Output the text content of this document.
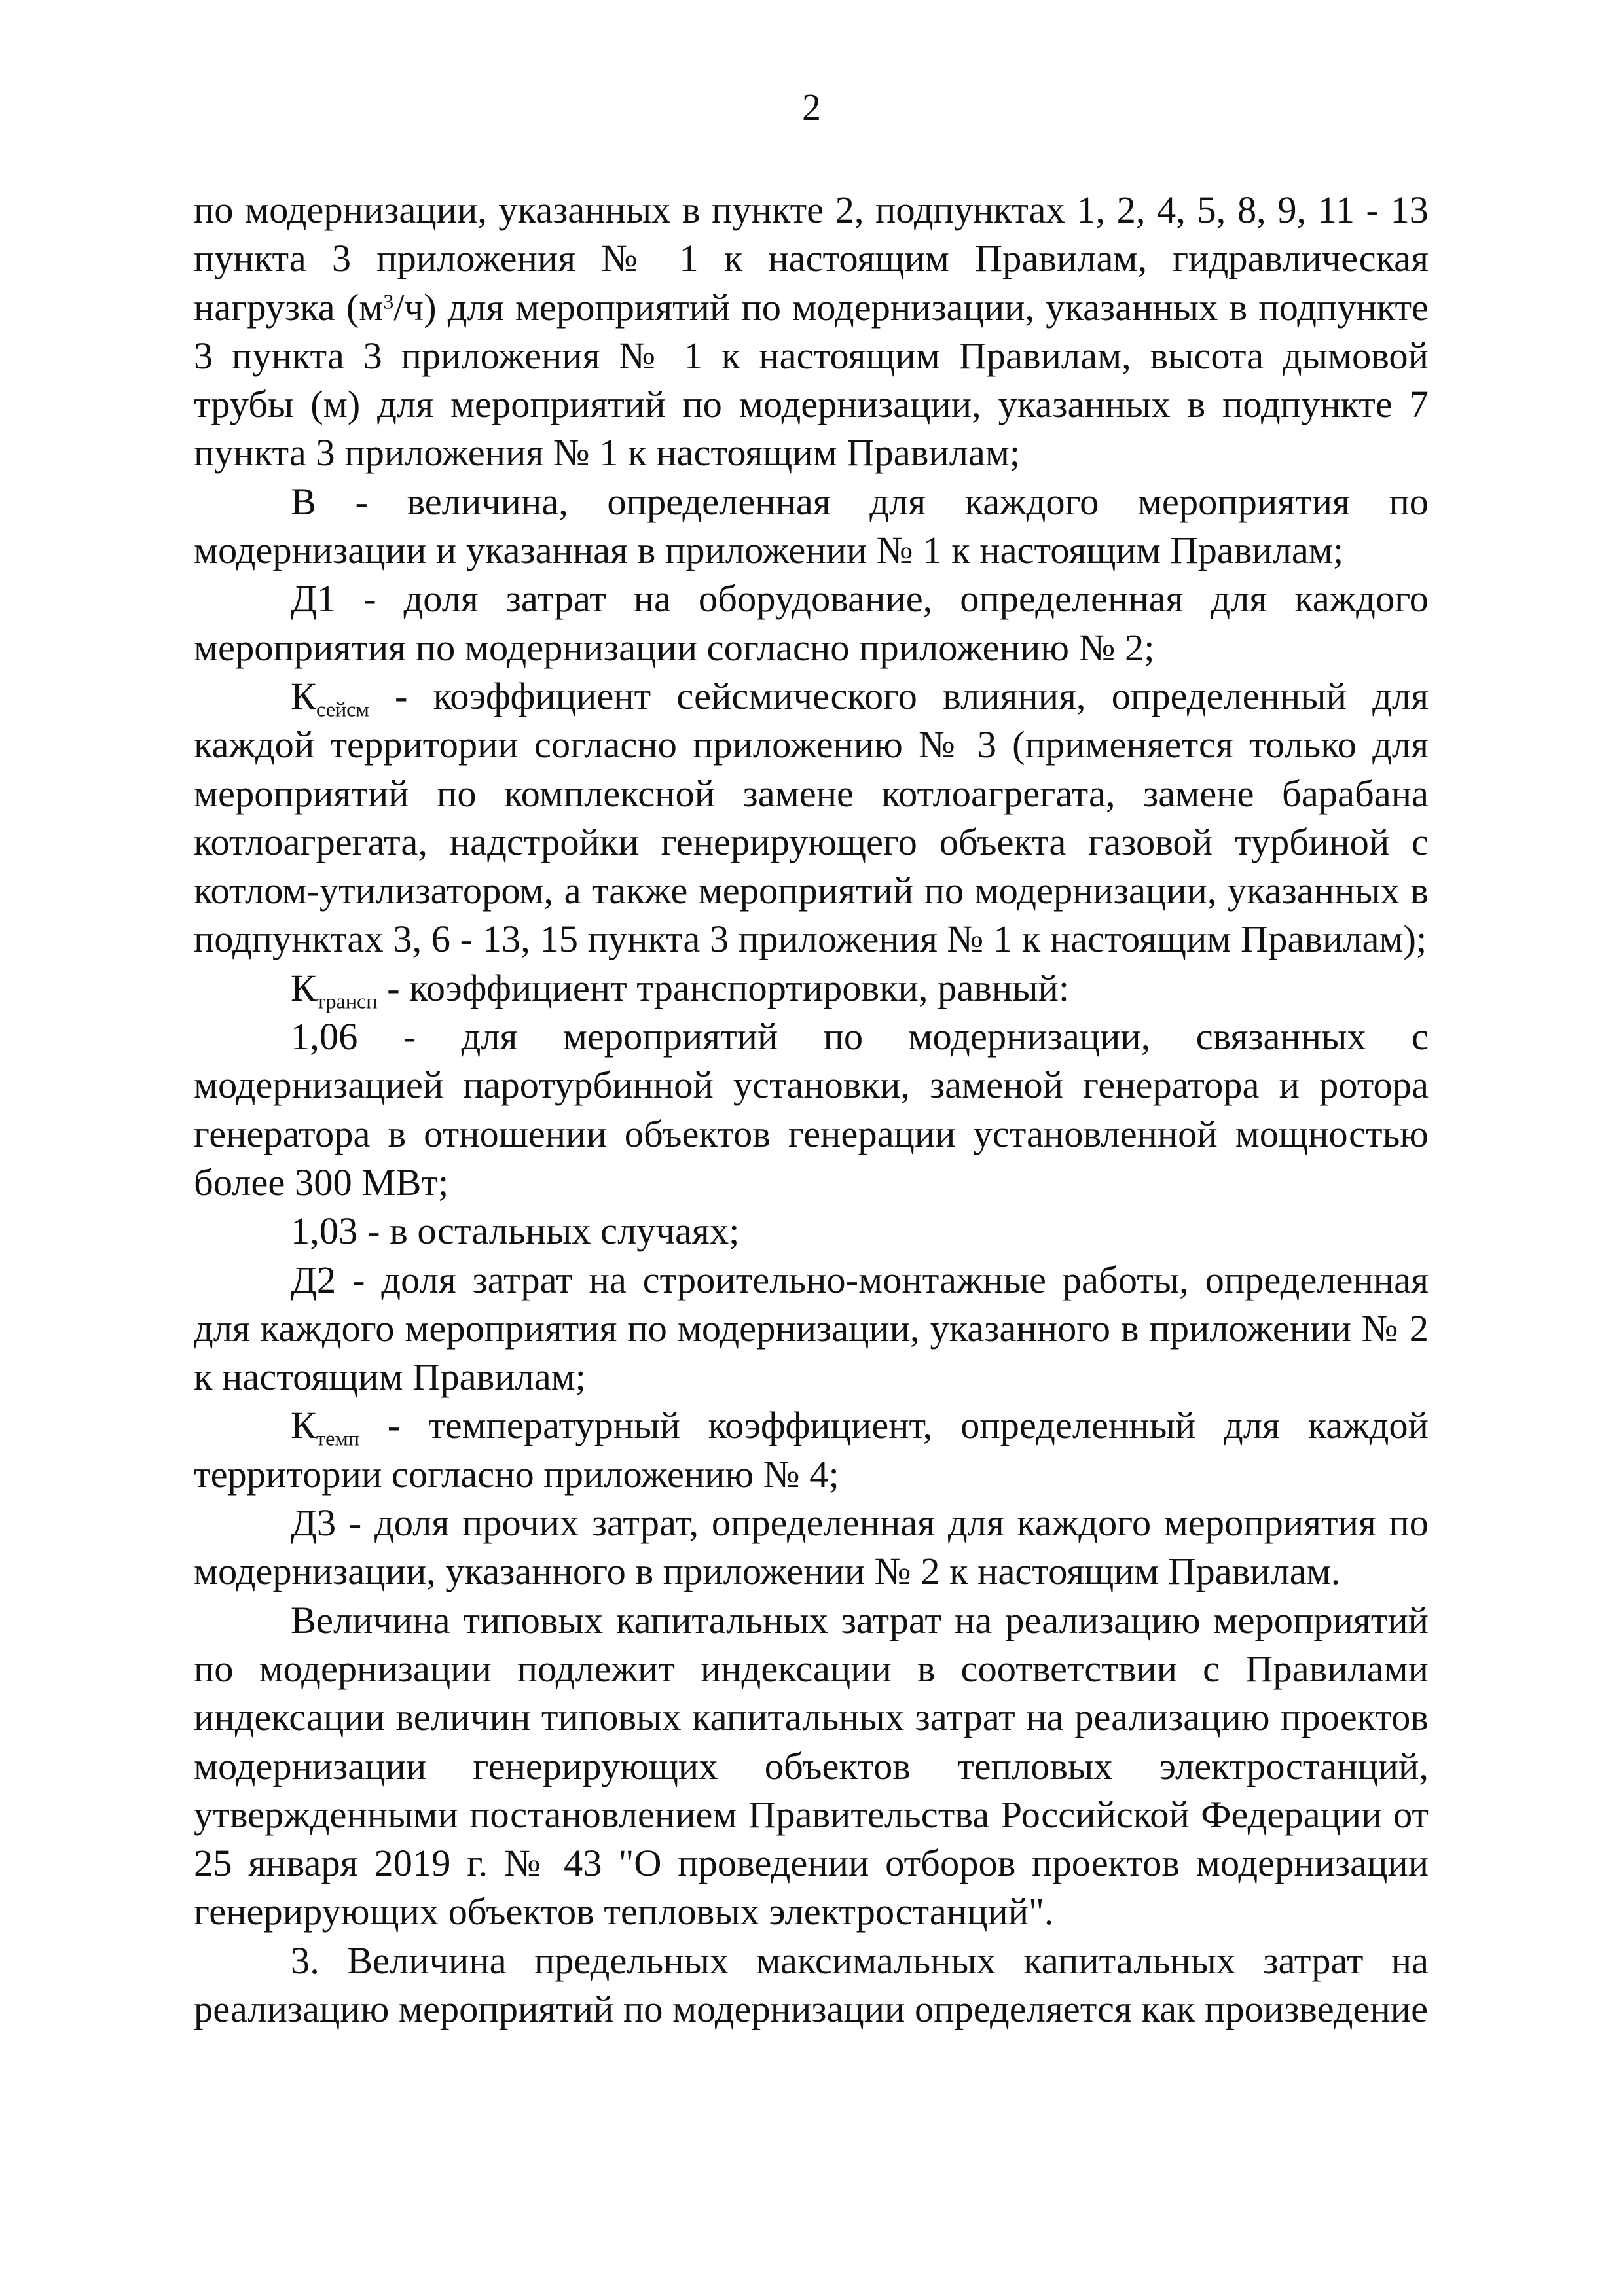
2

по модернизации, указанных в пункте 2, подпунктах 1, 2, 4, 5, 8, 9, 11 - 13 пункта 3 приложения № 1 к настоящим Правилам, гидравлическая нагрузка $(м^3/ч)$ для мероприятий по модернизации, указанных в подпункте 3 пункта 3 приложения № 1 к настоящим Правилам, высота дымовой трубы (м) для мероприятий по модернизации, указанных в подпункте 7 пункта 3 приложения № 1 к настоящим Правилам;

В - величина, определенная для каждого мероприятия по модернизации и указанная в приложении № 1 к настоящим Правилам;

Д1 - доля затрат на оборудование, определенная для каждого мероприятия по модернизации согласно приложению № 2;

$К_{сейсм}$ - коэффициент сейсмического влияния, определенный для каждой территории согласно приложению № 3 (применяется только для мероприятий по комплексной замене котлоагрегата, замене барабана котлоагрегата, надстройки генерирующего объекта газовой турбиной с котлом-утилизатором, а также мероприятий по модернизации, указанных в подпунктах 3, 6 - 13, 15 пункта 3 приложения № 1 к настоящим Правилам);

$К_{трансп}$ - коэффициент транспортировки, равный:

1,06 - для мероприятий по модернизации, связанных с модернизацией паротурбинной установки, заменой генератора и ротора генератора в отношении объектов генерации установленной мощностью более 300 МВт;

1,03 - в остальных случаях;

Д2 - доля затрат на строительно-монтажные работы, определенная для каждого мероприятия по модернизации, указанного в приложении № 2 к настоящим Правилам;

$К_{темп}$ - температурный коэффициент, определенный для каждой территории согласно приложению № 4;

Д3 - доля прочих затрат, определенная для каждого мероприятия по модернизации, указанного в приложении № 2 к настоящим Правилам.

Величина типовых капитальных затрат на реализацию мероприятий по модернизации подлежит индексации в соответствии с Правилами индексации величин типовых капитальных затрат на реализацию проектов модернизации генерирующих объектов тепловых электростанций, утвержденными постановлением Правительства Российской Федерации от 25 января 2019 г. № 43 "О проведении отборов проектов модернизации генерирующих объектов тепловых электростанций".

3. Величина предельных максимальных капитальных затрат на реализацию мероприятий по модернизации определяется как произведение
